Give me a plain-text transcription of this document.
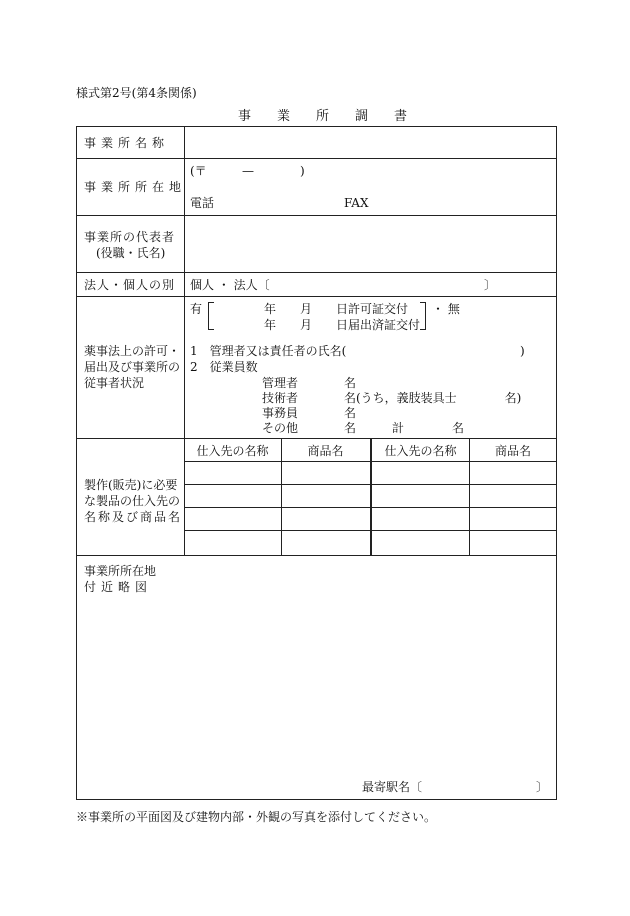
様式第2号(第4条関係)
事業所調書
事業所名称
事業所所在地
(〒	—	)
電話	FAX
事業所の代表者
(役職・氏名)
法人・個人の別 個人 ・ 法人〔	〕
薬事法上の許可・
届出及び事業所の
従事者状況
有	年　　月　　日許可証交付
年　　月　　日届出済証交付
・ 無
1　管理者又は責任者の氏名(	)
2　従業員数
管理者	名
技術者	名(うち，義肢装具士　　　　名)
事務員	名
その他	名　　　計　　　　名
製作(販売)に必要
な製品の仕入先の
名称及び商品名
仕入先の名称	商品名	仕入先の名称	商品名
事業所所在地
付近略図
最寄駅名〔	〕
※事業所の平面図及び建物内部・外観の写真を添付してください。
